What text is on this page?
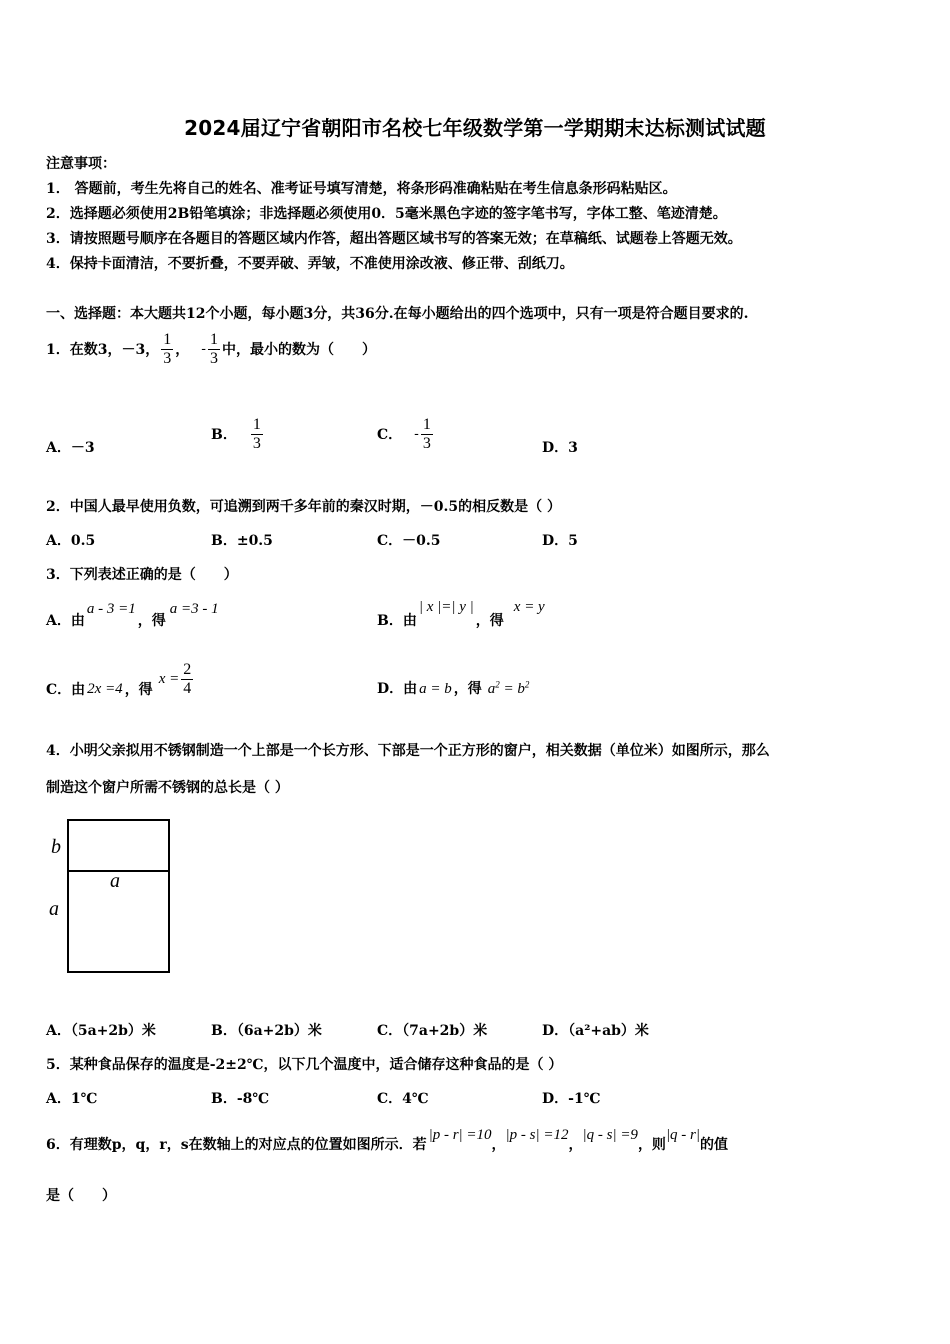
2024届辽宁省朝阳市名校七年级数学第一学期期末达标测试试题
注意事项：
1． 答题前，考生先将自己的姓名、准考证号填写清楚，将条形码准确粘贴在考生信息条形码粘贴区。
2．选择题必须使用2B铅笔填涂；非选择题必须使用0．5毫米黑色字迹的签字笔书写，字体工整、笔迹清楚。
3．请按照题号顺序在各题目的答题区域内作答，超出答题区域书写的答案无效；在草稿纸、试题卷上答题无效。
4．保持卡面清洁，不要折叠，不要弄破、弄皱，不准使用涂改液、修正带、刮纸刀。
一、选择题：本大题共12个小题，每小题3分，共36分.在每小题给出的四个选项中，只有一项是符合题目要求的.
1．在数3，－3， $\frac{1}{3}$ ， - $\frac{1}{3}$ 中，最小的数为（　　）
A．－3
B． $\frac{1}{3}$	C． - $\frac{1}{3}$	D．3
2．中国人最早使用负数，可追溯到两千多年前的秦汉时期，－0.5的相反数是（ ）
A．0.5	B．±0.5	C．－0.5	D．5
3．下列表述正确的是（　　）
A．由a - 3 =1，得a =3 - 1
B．由| x |=| y |，得x = y
C．由 2x =4 ，得
$x = \frac{2}{4}$	D．由 a = b ，得 $a^2 = b^2$
4．小明父亲拟用不锈钢制造一个上部是一个长方形、下部是一个正方形的窗户，相关数据（单位米）如图所示，那么
制造这个窗户所需不锈钢的总长是（ ）
b
a
a
A．（5a+2b）米	B．（6a+2b）米	C．（7a+2b）米	D．（a²+ab）米
5．某种食品保存的温度是-2±2℃，以下几个温度中，适合储存这种食品的是（ ）
A．1℃	B．-8℃	C．4℃	D．-1℃
6．有理数p，q，r，s在数轴上的对应点的位置如图所示．若|p - r| =10，|p - s| =12，|q - s| =9，则|q - r|的值
是（　　）
